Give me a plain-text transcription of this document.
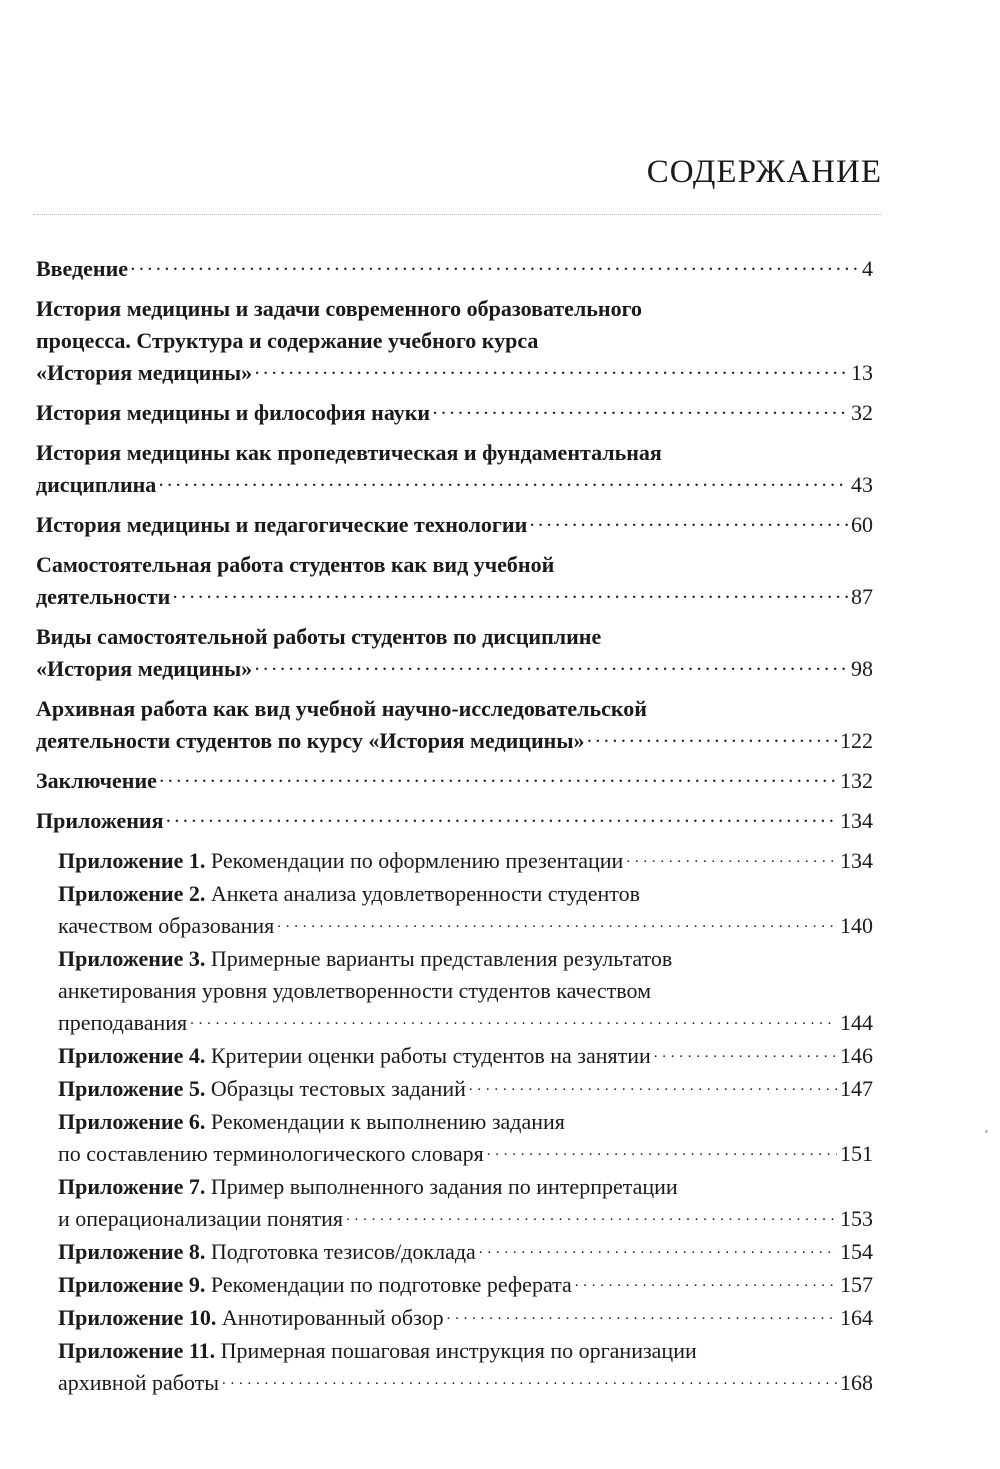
СОДЕРЖАНИЕ
Введение . . .	4
История медицины и задачи современного образовательного
процесса. Структура и содержание учебного курса
«История медицины» . . .	13
История медицины и философия науки . . .	32
История медицины как пропедевтическая и фундаментальная
дисциплина . . .	43
История медицины и педагогические технологии . . .	60
Самостоятельная работа студентов как вид учебной
деятельности . . .	87
Виды самостоятельной работы студентов по дисциплине
«История медицины» . . .	98
Архивная работа как вид учебной научно-исследовательской
деятельности студентов по курсу «История медицины» . . .	122
Заключение . . .	132
Приложения . . .	134
Приложение 1. Рекомендации по оформлению презентации . . .	134
Приложение 2. Анкета анализа удовлетворенности студентов
качеством образования . . .	140
Приложение 3. Примерные варианты представления результатов
анкетирования уровня удовлетворенности студентов качеством
преподавания . . .	144
Приложение 4. Критерии оценки работы студентов на занятии . . .	146
Приложение 5. Образцы тестовых заданий . . .	147
Приложение 6. Рекомендации к выполнению задания
по составлению терминологического словаря . . .	151
Приложение 7. Пример выполненного задания по интерпретации
и операционализации понятия . . .	153
Приложение 8. Подготовка тезисов/доклада . . .	154
Приложение 9. Рекомендации по подготовке реферата . . .	157
Приложение 10. Аннотированный обзор . . .	164
Приложение 11. Примерная пошаговая инструкция по организации
архивной работы . . .	168
